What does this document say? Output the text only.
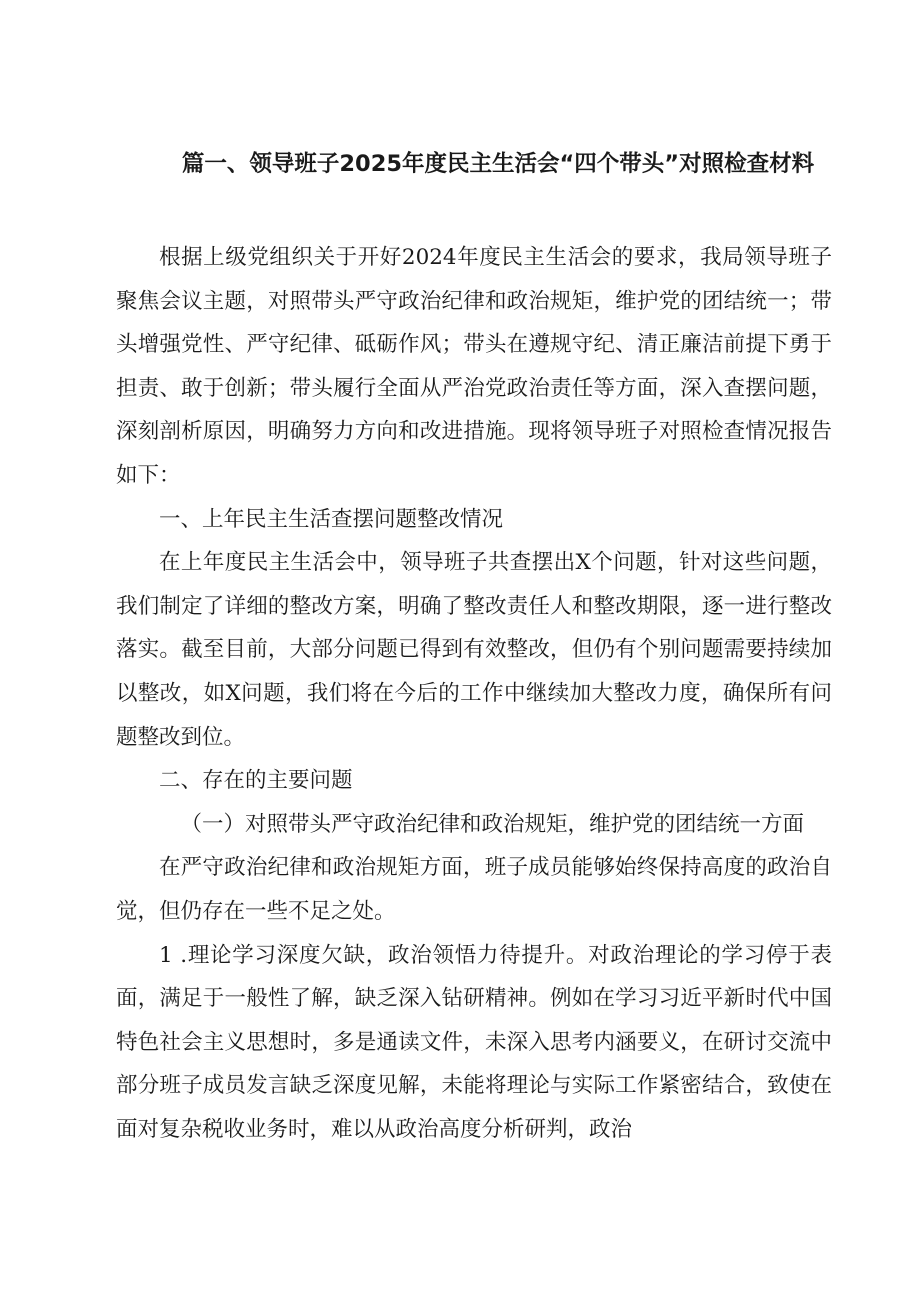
篇一、领导班子2025年度民主生活会“四个带头”对照检查材料

根据上级党组织关于开好2024年度民主生活会的要求，我局领导班子聚焦会议主题，对照带头严守政治纪律和政治规矩，维护党的团结统一；带头增强党性、严守纪律、砥砺作风；带头在遵规守纪、清正廉洁前提下勇于担责、敢于创新；带头履行全面从严治党政治责任等方面，深入查摆问题，深刻剖析原因，明确努力方向和改进措施。现将领导班子对照检查情况报告如下：

一、上年民主生活查摆问题整改情况

在上年度民主生活会中，领导班子共查摆出X个问题，针对这些问题，我们制定了详细的整改方案，明确了整改责任人和整改期限，逐一进行整改落实。截至目前，大部分问题已得到有效整改，但仍有个别问题需要持续加以整改，如X问题，我们将在今后的工作中继续加大整改力度，确保所有问题整改到位。

二、存在的主要问题

（一）对照带头严守政治纪律和政治规矩，维护党的团结统一方面

在严守政治纪律和政治规矩方面，班子成员能够始终保持高度的政治自觉，但仍存在一些不足之处。

1 .理论学习深度欠缺，政治领悟力待提升。对政治理论的学习停于表面，满足于一般性了解，缺乏深入钻研精神。例如在学习习近平新时代中国特色社会主义思想时，多是通读文件，未深入思考内涵要义，在研讨交流中部分班子成员发言缺乏深度见解，未能将理论与实际工作紧密结合，致使在面对复杂税收业务时，难以从政治高度分析研判，政治
